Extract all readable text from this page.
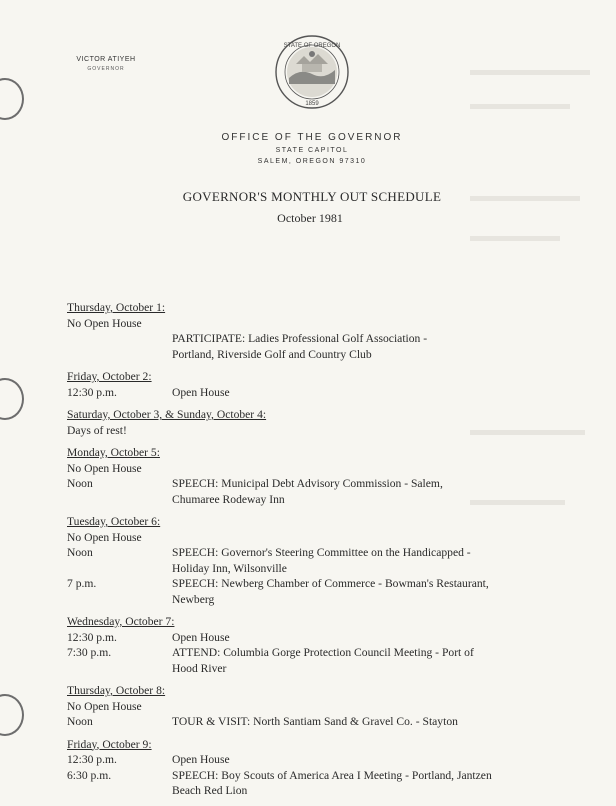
VICTOR ATIYEH
GOVERNOR
STATE OF OREGON
1859
OFFICE OF THE GOVERNOR
STATE CAPITOL
SALEM, OREGON 97310
GOVERNOR'S MONTHLY OUT SCHEDULE
October 1981
Thursday, October 1:
No Open House
PARTICIPATE: Ladies Professional Golf Association -
Portland, Riverside Golf and Country Club
Friday, October 2:
12:30 p.m.	Open House
Saturday, October 3, & Sunday, October 4:
Days of rest!
Monday, October 5:
No Open House
Noon	SPEECH: Municipal Debt Advisory Commission - Salem,
Chumaree Rodeway Inn
Tuesday, October 6:
No Open House
Noon	SPEECH: Governor's Steering Committee on the Handicapped -
Holiday Inn, Wilsonville
7 p.m.	SPEECH: Newberg Chamber of Commerce - Bowman's Restaurant,
Newberg
Wednesday, October 7:
12:30 p.m.	Open House
7:30 p.m.	ATTEND: Columbia Gorge Protection Council Meeting - Port of
Hood River
Thursday, October 8:
No Open House
Noon	TOUR & VISIT: North Santiam Sand & Gravel Co. - Stayton
Friday, October 9:
12:30 p.m.	Open House
6:30 p.m.	SPEECH: Boy Scouts of America Area I Meeting - Portland, Jantzen
Beach Red Lion
